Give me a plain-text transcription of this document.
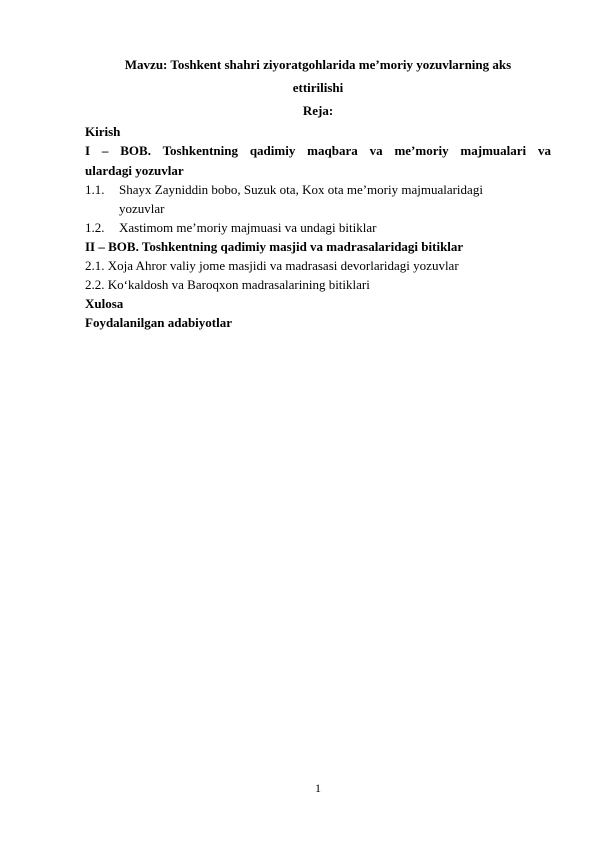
Mavzu: Toshkent shahri ziyoratgohlarida me’moriy yozuvlarning aks
ettirilishi
Reja:
Kirish
I – BOB. Toshkentning qadimiy maqbara va me’moriy majmualari va
ulardagi yozuvlar
1.1. Shayx Zayniddin bobo, Suzuk ota, Kox ota me’moriy majmualaridagi
yozuvlar
1.2. Xastimom me’moriy majmuasi va undagi bitiklar
II – BOB. Toshkentning qadimiy masjid va madrasalaridagi bitiklar
2.1. Xoja Ahror valiy jome masjidi va madrasasi devorlaridagi yozuvlar
2.2. Ko‘kaldosh va Baroqxon madrasalarining bitiklari
Xulosa
Foydalanilgan adabiyotlar
1
